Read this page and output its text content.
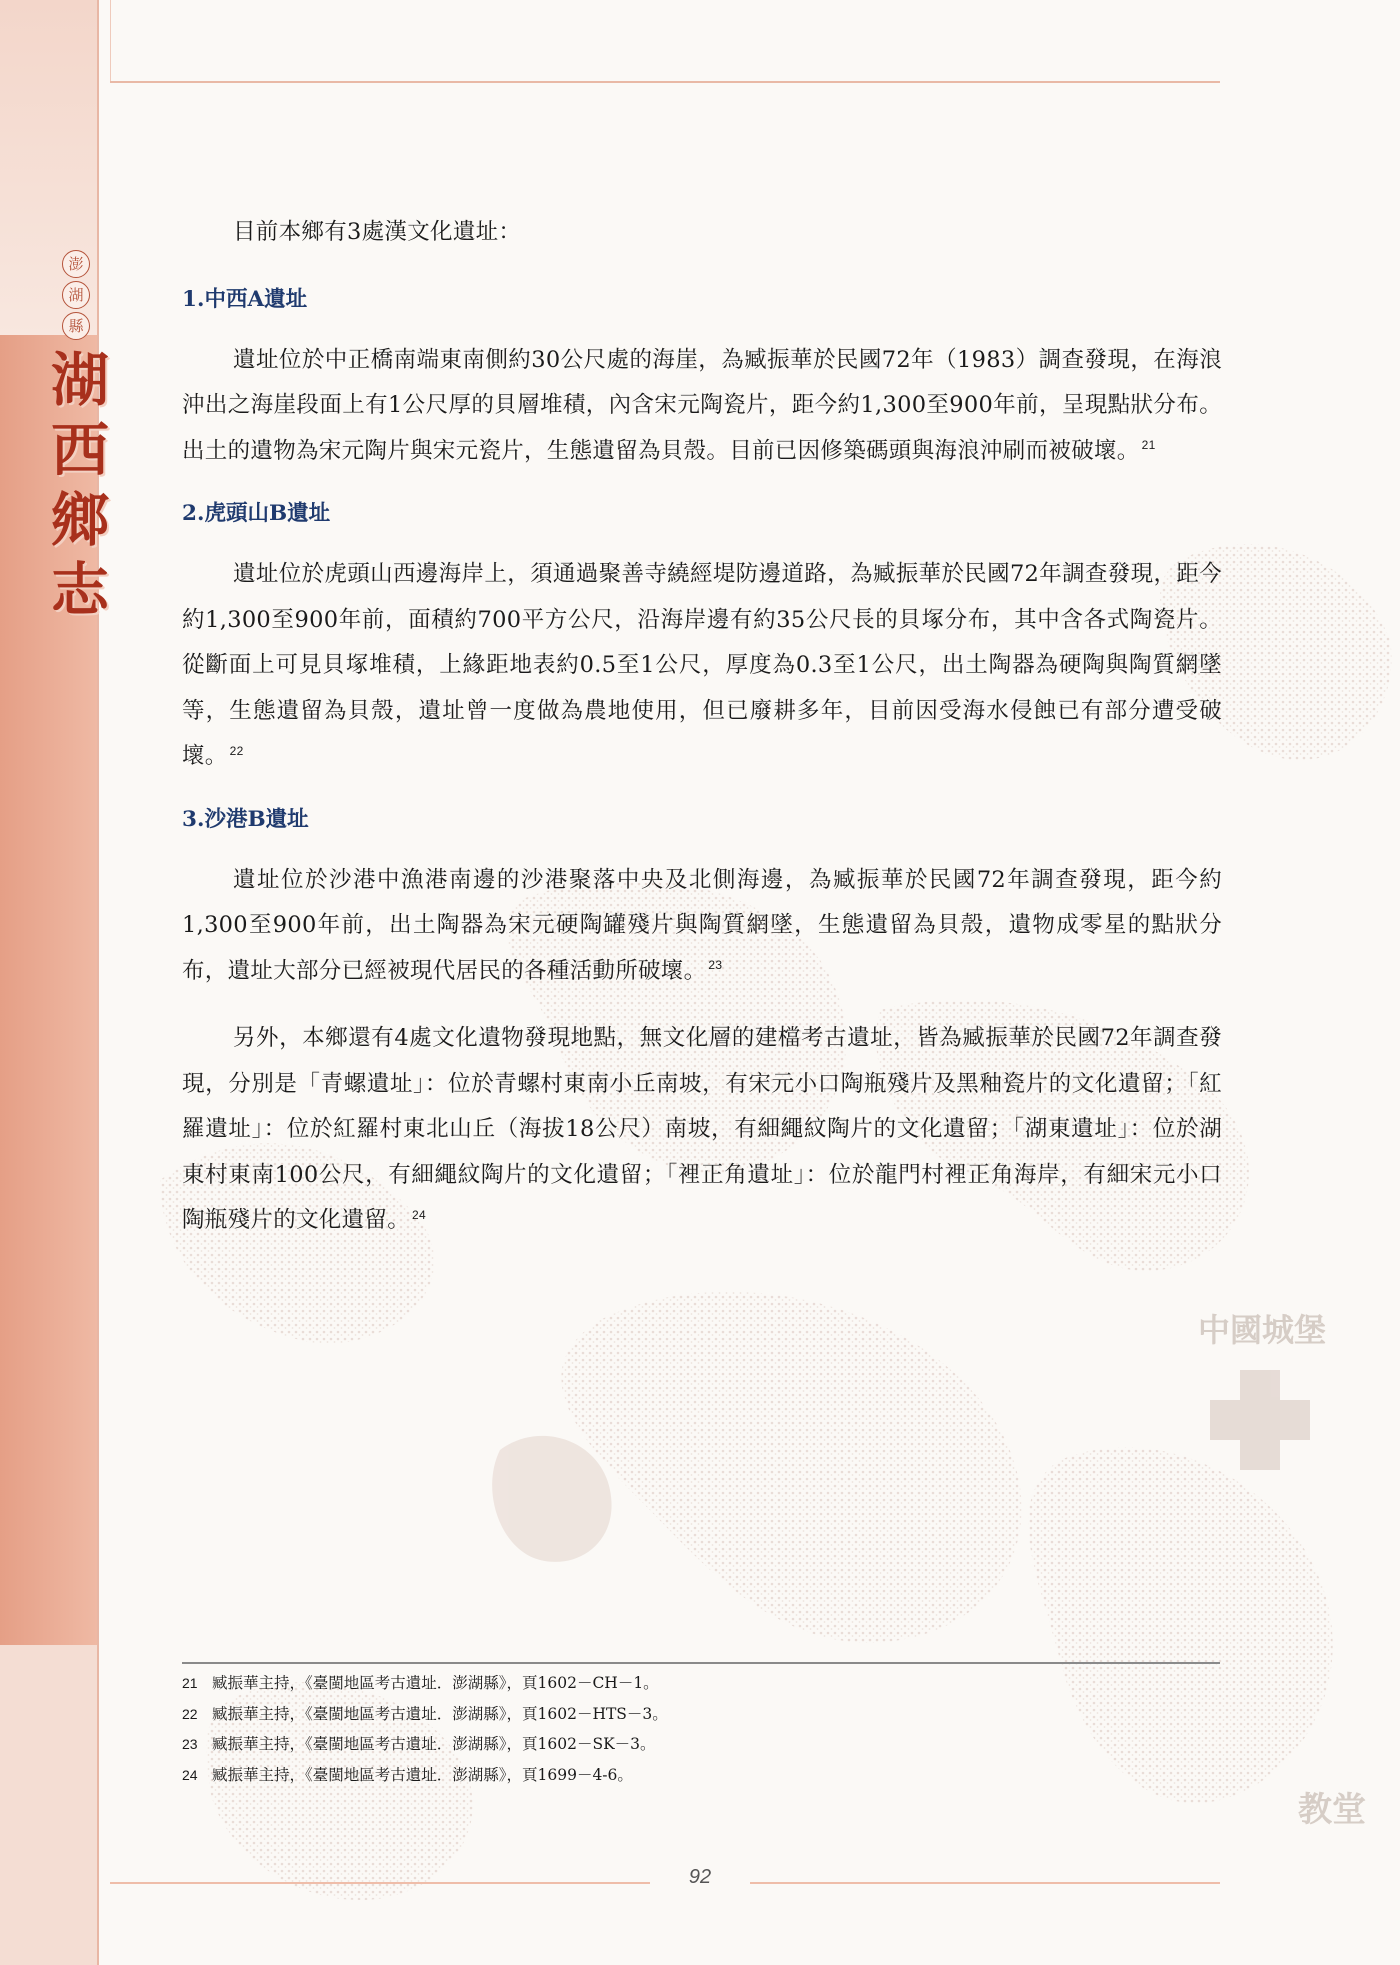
中國城堡
教堂
澎
湖
縣
湖
西
鄉
志

目前本鄉有3處漢文化遺址：

1.中西A遺址

遺址位於中正橋南端東南側約30公尺處的海崖，為臧振華於民國72年（1983）調查發現，在海浪沖出之海崖段面上有1公尺厚的貝層堆積，內含宋元陶瓷片，距今約1,300至900年前，呈現點狀分布。出土的遺物為宋元陶片與宋元瓷片，生態遺留為貝殼。目前已因修築碼頭與海浪沖刷而被破壞。 $^{21}$

2.虎頭山B遺址

遺址位於虎頭山西邊海岸上，須通過聚善寺繞經堤防邊道路，為臧振華於民國72年調查發現，距今約1,300至900年前，面積約700平方公尺，沿海岸邊有約35公尺長的貝塚分布，其中含各式陶瓷片。從斷面上可見貝塚堆積，上緣距地表約0.5至1公尺，厚度為0.3至1公尺，出土陶器為硬陶與陶質網墜等，生態遺留為貝殼，遺址曾一度做為農地使用，但已廢耕多年，目前因受海水侵蝕已有部分遭受破壞。 $^{22}$

3.沙港B遺址

遺址位於沙港中漁港南邊的沙港聚落中央及北側海邊，為臧振華於民國72年調查發現，距今約1,300至900年前，出土陶器為宋元硬陶罐殘片與陶質網墜，生態遺留為貝殼，遺物成零星的點狀分布，遺址大部分已經被現代居民的各種活動所破壞。 $^{23}$

另外，本鄉還有4處文化遺物發現地點，無文化層的建檔考古遺址，皆為臧振華於民國72年調查發現，分別是「青螺遺址」：位於青螺村東南小丘南坡，有宋元小口陶瓶殘片及黑釉瓷片的文化遺留；「紅羅遺址」：位於紅羅村東北山丘（海拔18公尺）南坡，有細繩紋陶片的文化遺留；「湖東遺址」：位於湖東村東南100公尺，有細繩紋陶片的文化遺留；「裡正角遺址」：位於龍門村裡正角海岸，有細宋元小口陶瓶殘片的文化遺留。 $^{24}$

21 臧振華主持，《臺閩地區考古遺址．澎湖縣》，頁1602－CH－1。
22 臧振華主持，《臺閩地區考古遺址．澎湖縣》，頁1602－HTS－3。
23 臧振華主持，《臺閩地區考古遺址．澎湖縣》，頁1602－SK－3。
24 臧振華主持，《臺閩地區考古遺址．澎湖縣》，頁1699－4-6。
92
